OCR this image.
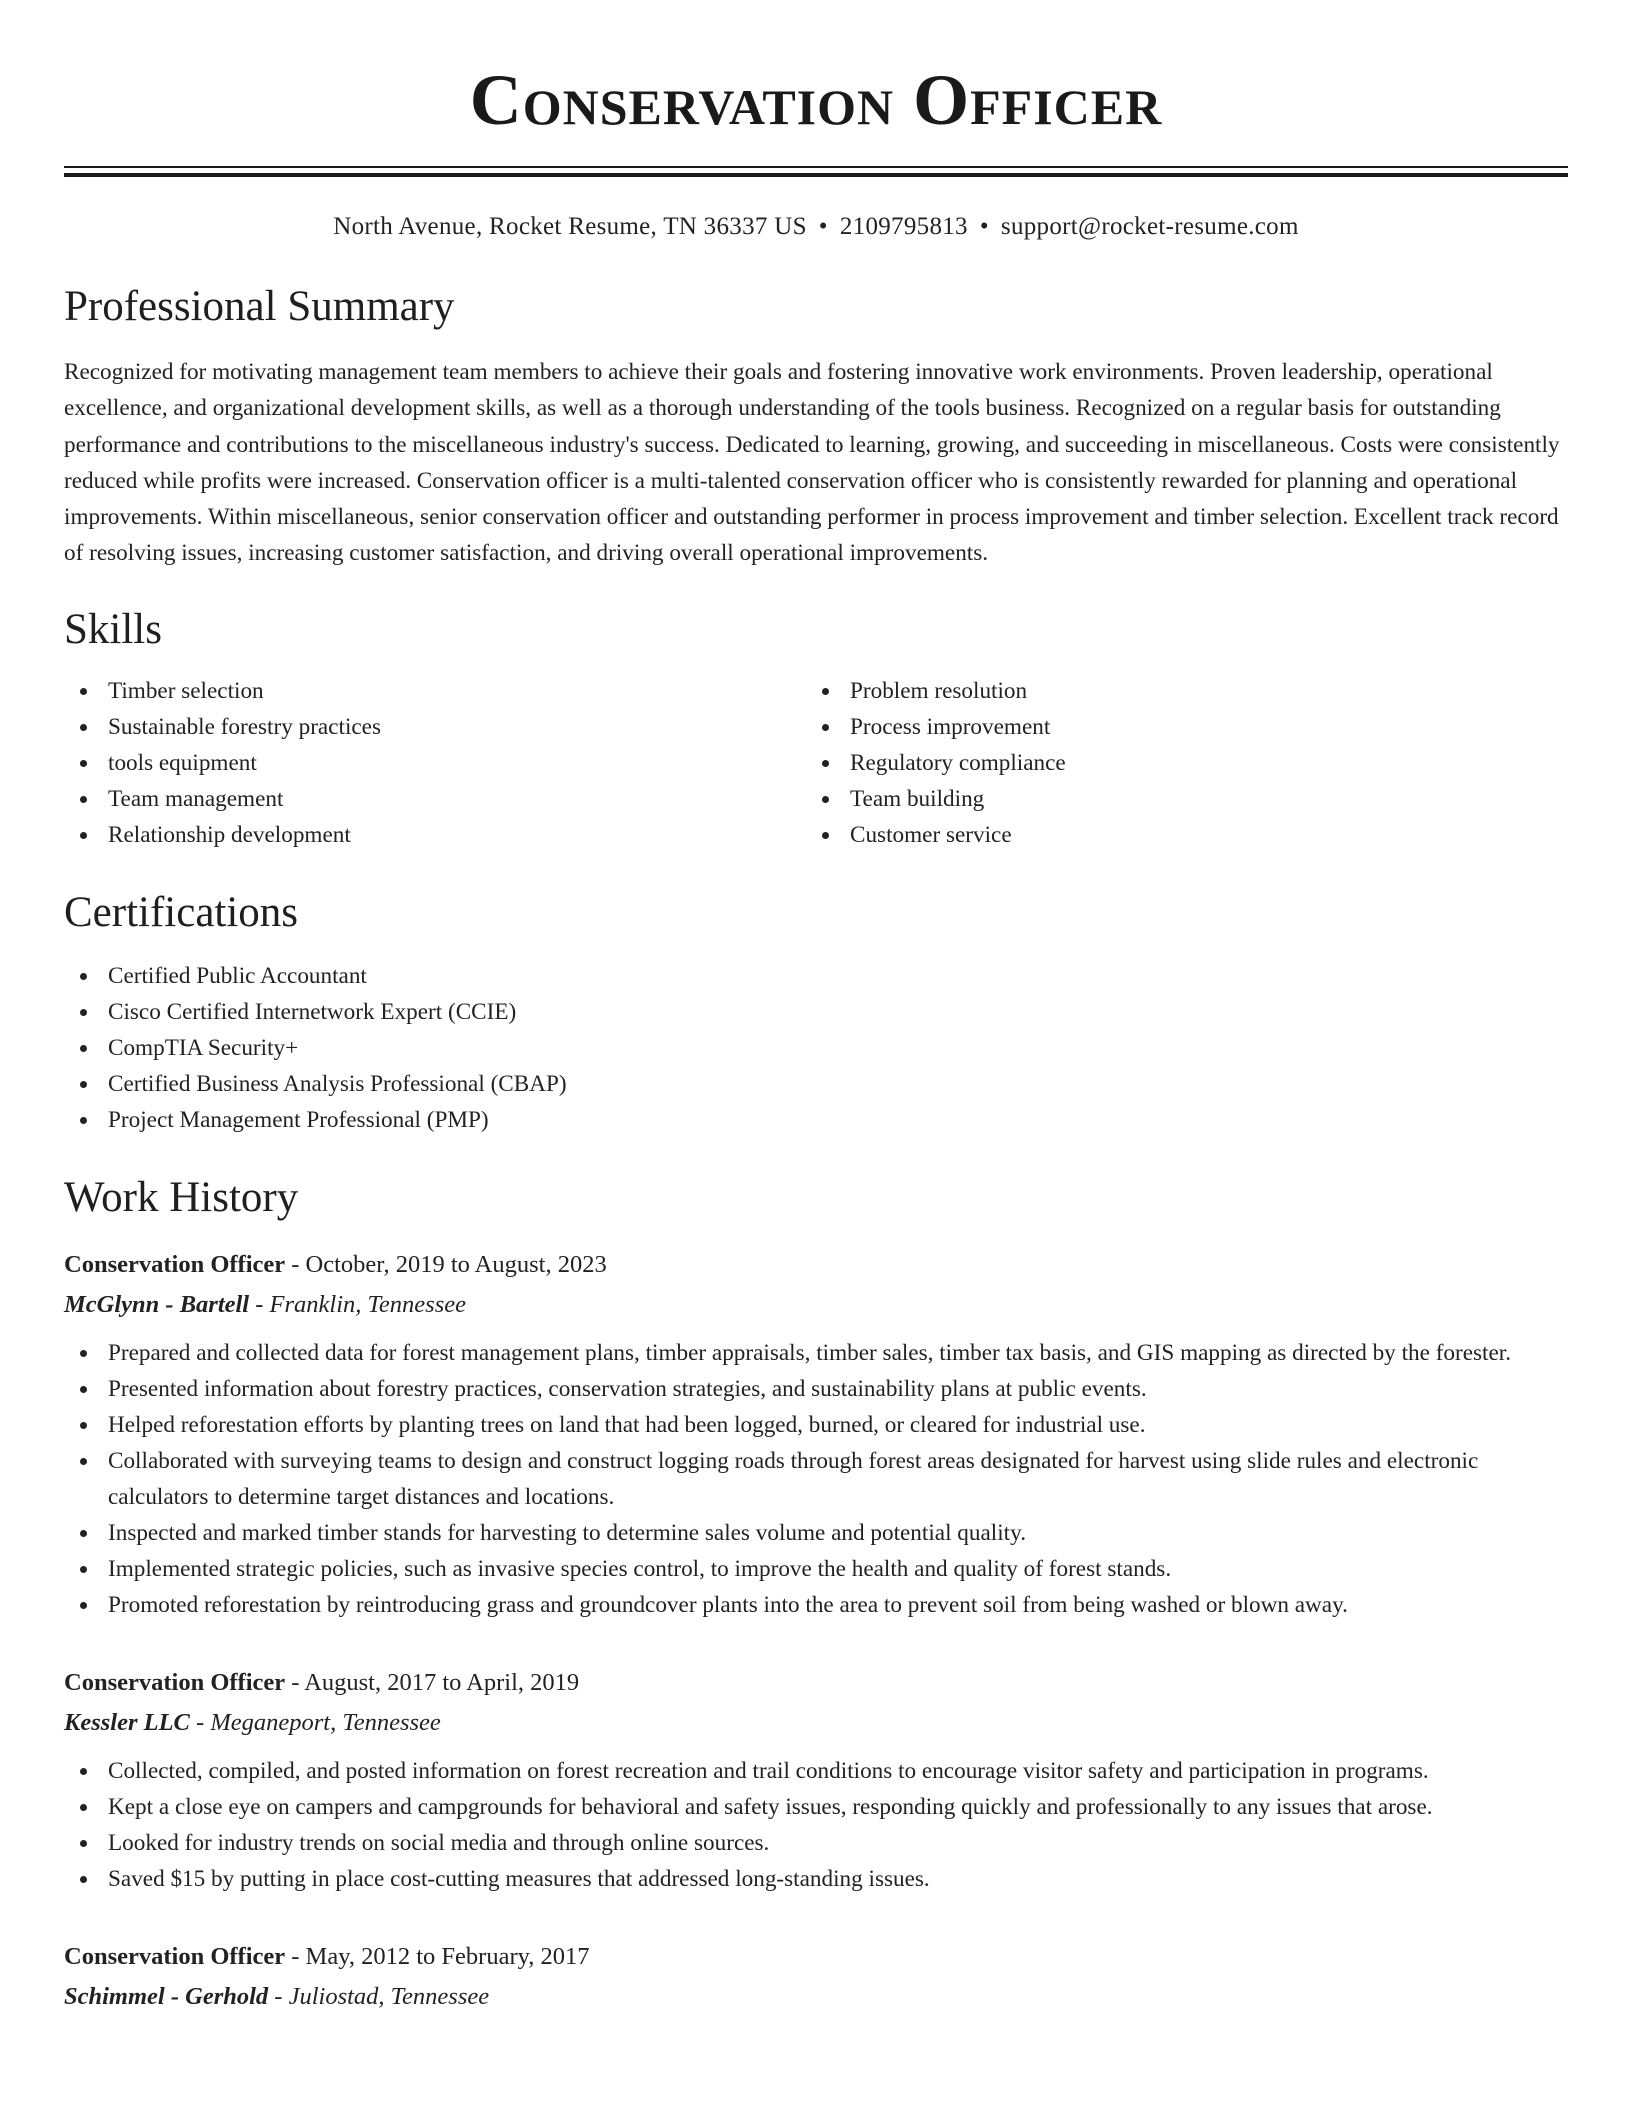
Conservation Officer
North Avenue, Rocket Resume, TN 36337 US • 2109795813 • support@rocket-resume.com
Professional Summary

Recognized for motivating management team members to achieve their goals and fostering innovative work environments. Proven leadership, operational excellence, and organizational development skills, as well as a thorough understanding of the tools business. Recognized on a regular basis for outstanding performance and contributions to the miscellaneous industry's success. Dedicated to learning, growing, and succeeding in miscellaneous. Costs were consistently reduced while profits were increased. Conservation officer is a multi-talented conservation officer who is consistently rewarded for planning and operational improvements. Within miscellaneous, senior conservation officer and outstanding performer in process improvement and timber selection. Excellent track record of resolving issues, increasing customer satisfaction, and driving overall operational improvements.

Skills
Timber selection
Sustainable forestry practices
tools equipment
Team management
Relationship development
Problem resolution
Process improvement
Regulatory compliance
Team building
Customer service
Certifications
Certified Public Accountant
Cisco Certified Internetwork Expert (CCIE)
CompTIA Security+
Certified Business Analysis Professional (CBAP)
Project Management Professional (PMP)
Work History
Conservation Officer - October, 2019 to August, 2023
McGlynn - Bartell - Franklin, Tennessee
Prepared and collected data for forest management plans, timber appraisals, timber sales, timber tax basis, and GIS mapping as directed by the forester.
Presented information about forestry practices, conservation strategies, and sustainability plans at public events.
Helped reforestation efforts by planting trees on land that had been logged, burned, or cleared for industrial use.
Collaborated with surveying teams to design and construct logging roads through forest areas designated for harvest using slide rules and electronic calculators to determine target distances and locations.
Inspected and marked timber stands for harvesting to determine sales volume and potential quality.
Implemented strategic policies, such as invasive species control, to improve the health and quality of forest stands.
Promoted reforestation by reintroducing grass and groundcover plants into the area to prevent soil from being washed or blown away.
Conservation Officer - August, 2017 to April, 2019
Kessler LLC - Meganeport, Tennessee
Collected, compiled, and posted information on forest recreation and trail conditions to encourage visitor safety and participation in programs.
Kept a close eye on campers and campgrounds for behavioral and safety issues, responding quickly and professionally to any issues that arose.
Looked for industry trends on social media and through online sources.
Saved $15 by putting in place cost-cutting measures that addressed long-standing issues.
Conservation Officer - May, 2012 to February, 2017
Schimmel - Gerhold - Juliostad, Tennessee
